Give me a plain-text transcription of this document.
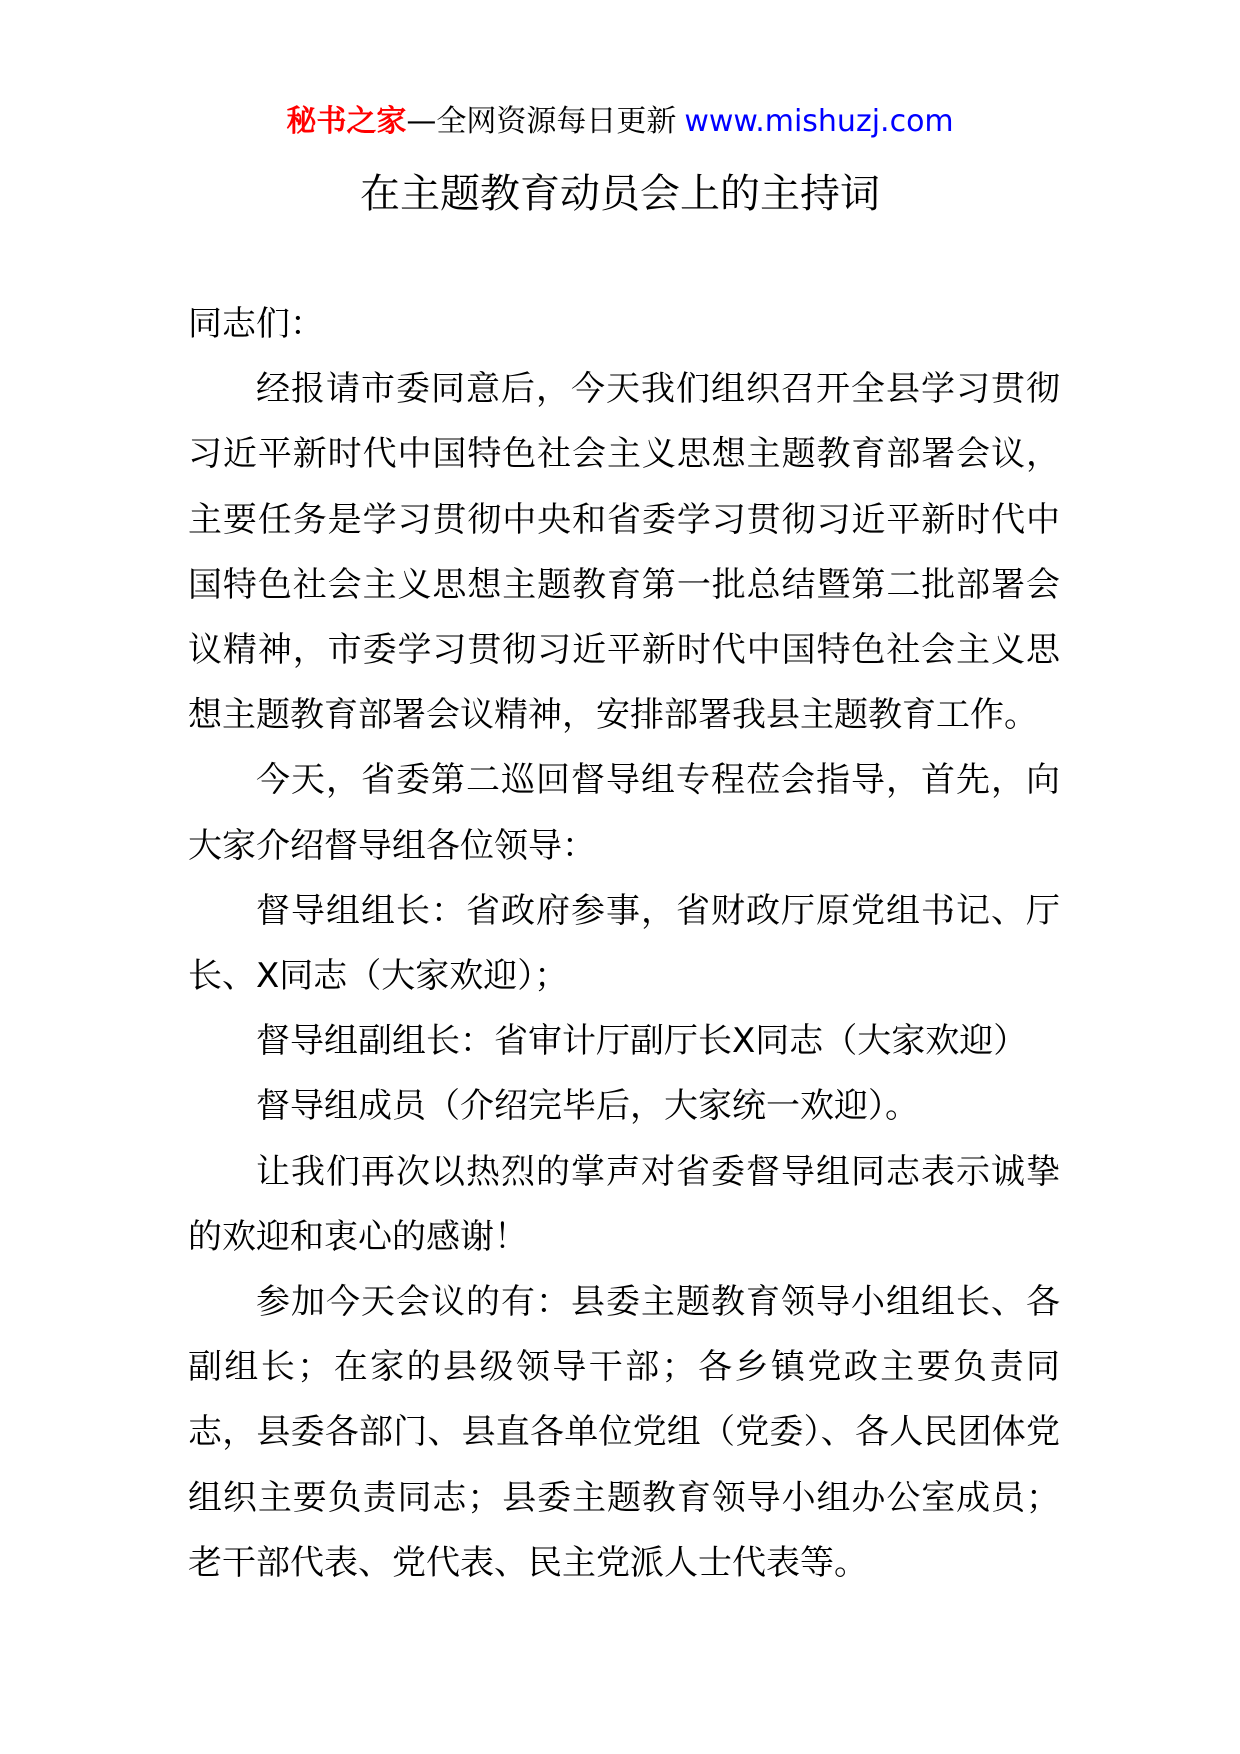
秘书之家—全网资源每日更新 www.mishuzj.com
在主题教育动员会上的主持词

同志们：

经报请市委同意后，今天我们组织召开全县学习贯彻习近平新时代中国特色社会主义思想主题教育部署会议，主要任务是学习贯彻中央和省委学习贯彻习近平新时代中国特色社会主义思想主题教育第一批总结暨第二批部署会议精神，市委学习贯彻习近平新时代中国特色社会主义思想主题教育部署会议精神，安排部署我县主题教育工作。

今天，省委第二巡回督导组专程莅会指导，首先，向大家介绍督导组各位领导：

督导组组长：省政府参事，省财政厅原党组书记、厅长、X同志（大家欢迎）；

督导组副组长：省审计厅副厅长X同志（大家欢迎）

督导组成员（介绍完毕后，大家统一欢迎）。

让我们再次以热烈的掌声对省委督导组同志表示诚挚的欢迎和衷心的感谢！

参加今天会议的有：县委主题教育领导小组组长、各副组长；在家的县级领导干部；各乡镇党政主要负责同志，县委各部门、县直各单位党组（党委）、各人民团体党组织主要负责同志；县委主题教育领导小组办公室成员；老干部代表、党代表、民主党派人士代表等。
